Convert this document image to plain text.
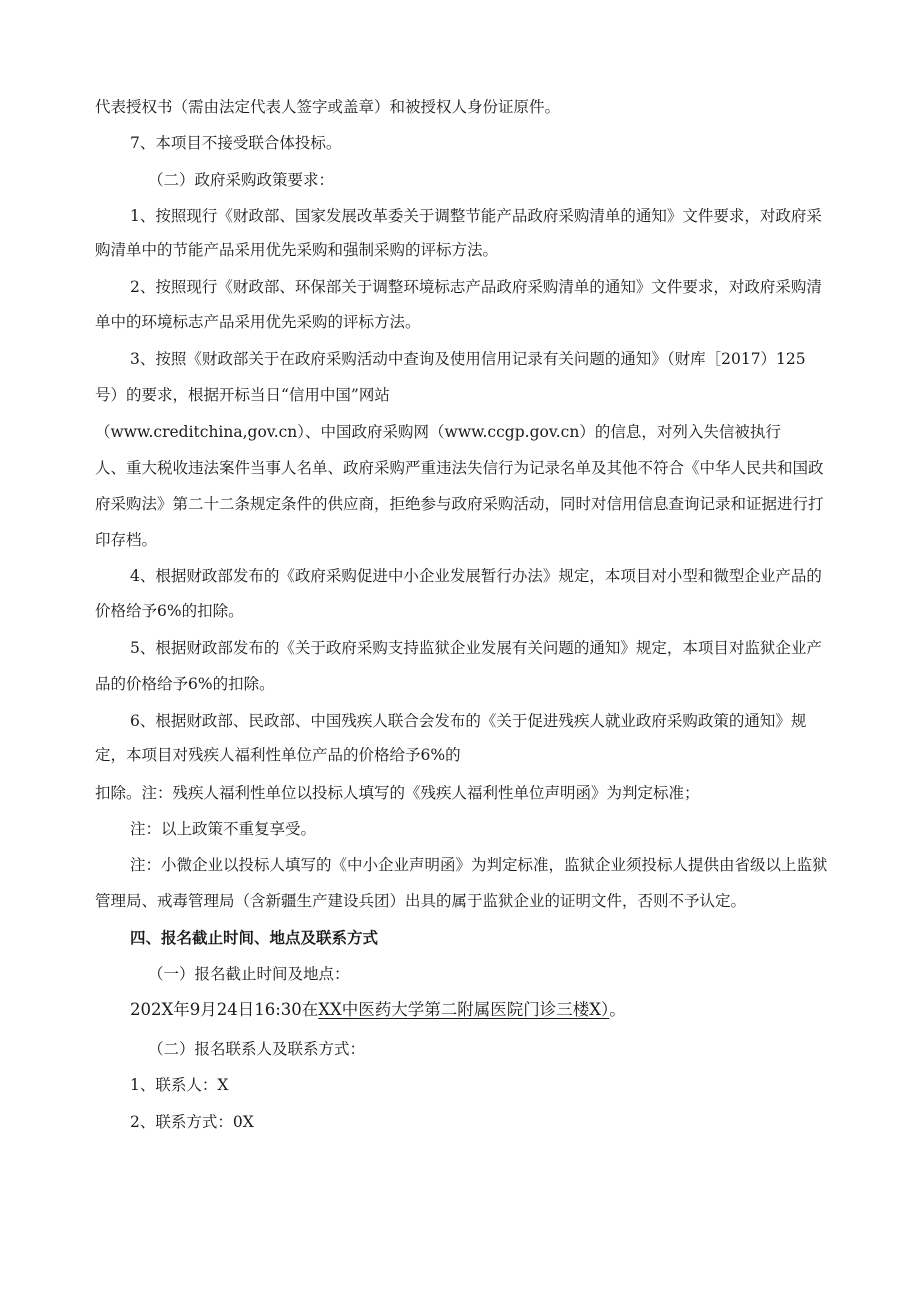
代表授权书（需由法定代表人签字或盖章）和被授权人身份证原件。
7、本项目不接受联合体投标。
（二）政府采购政策要求：
1、按照现行《财政部、国家发展改革委关于调整节能产品政府采购清单的通知》文件要求，对政府采
购清单中的节能产品采用优先采购和强制采购的评标方法。
2、按照现行《财政部、环保部关于调整环境标志产品政府采购清单的通知》文件要求，对政府采购清
单中的环境标志产品采用优先采购的评标方法。
3、按照《财政部关于在政府采购活动中查询及使用信用记录有关问题的通知》（财库［2017）125
号）的要求，根据开标当日“信用中国”网站
（www.creditchina,gov.cn）、中国政府采购网（www.ccgp.gov.cn）的信息，对列入失信被执行
人、重大税收违法案件当事人名单、政府采购严重违法失信行为记录名单及其他不符合《中华人民共和国政
府采购法》第二十二条规定条件的供应商，拒绝参与政府采购活动，同时对信用信息查询记录和证据进行打
印存档。
4、根据财政部发布的《政府采购促进中小企业发展暂行办法》规定，本项目对小型和微型企业产品的
价格给予6%的扣除。
5、根据财政部发布的《关于政府采购支持监狱企业发展有关问题的通知》规定，本项目对监狱企业产
品的价格给予6%的扣除。
6、根据财政部、民政部、中国残疾人联合会发布的《关于促进残疾人就业政府采购政策的通知》规
定，本项目对残疾人福利性单位产品的价格给予6%的
扣除。注：残疾人福利性单位以投标人填写的《残疾人福利性单位声明函》为判定标准；
注：以上政策不重复享受。
注：小微企业以投标人填写的《中小企业声明函》为判定标准，监狱企业须投标人提供由省级以上监狱
管理局、戒毒管理局（含新疆生产建设兵团）出具的属于监狱企业的证明文件，否则不予认定。
四、报名截止时间、地点及联系方式
（一）报名截止时间及地点：
202X年9月24日16:30在XX中医药大学第二附属医院门诊三楼X）。
（二）报名联系人及联系方式：
1、联系人：X
2、联系方式：0X
